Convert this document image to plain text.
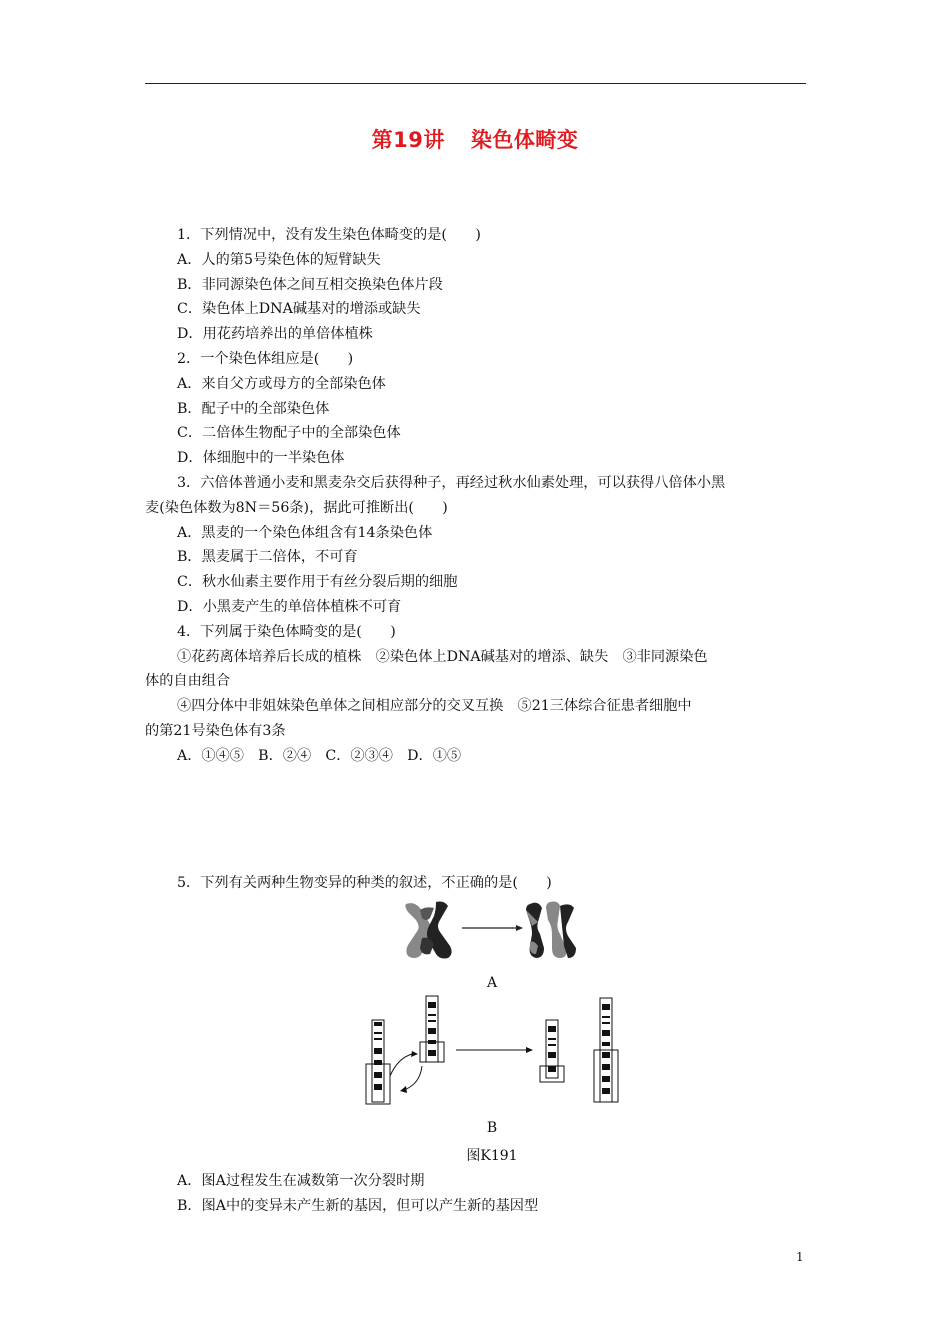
第19讲 染色体畸变
1．下列情况中，没有发生染色体畸变的是(　　)
A．人的第5号染色体的短臂缺失
B．非同源染色体之间互相交换染色体片段
C．染色体上DNA碱基对的增添或缺失
D．用花药培养出的单倍体植株
2．一个染色体组应是(　　)
A．来自父方或母方的全部染色体
B．配子中的全部染色体
C．二倍体生物配子中的全部染色体
D．体细胞中的一半染色体
3．六倍体普通小麦和黑麦杂交后获得种子，再经过秋水仙素处理，可以获得八倍体小黑
麦(染色体数为8N＝56条)，据此可推断出(　　)
A．黑麦的一个染色体组含有14条染色体
B．黑麦属于二倍体，不可育
C．秋水仙素主要作用于有丝分裂后期的细胞
D．小黑麦产生的单倍体植株不可育
4．下列属于染色体畸变的是(　　)
①花药离体培养后长成的植株　②染色体上DNA碱基对的增添、缺失　③非同源染色
体的自由组合
④四分体中非姐妹染色单体之间相应部分的交叉互换　⑤21三体综合征患者细胞中
的第21号染色体有3条
A．①④⑤　B．②④　C．②③④　D．①⑤
5．下列有关两种生物变异的种类的叙述，不正确的是(　　)
A
B
图K191
A．图A过程发生在减数第一次分裂时期
B．图A中的变异未产生新的基因，但可以产生新的基因型
1
